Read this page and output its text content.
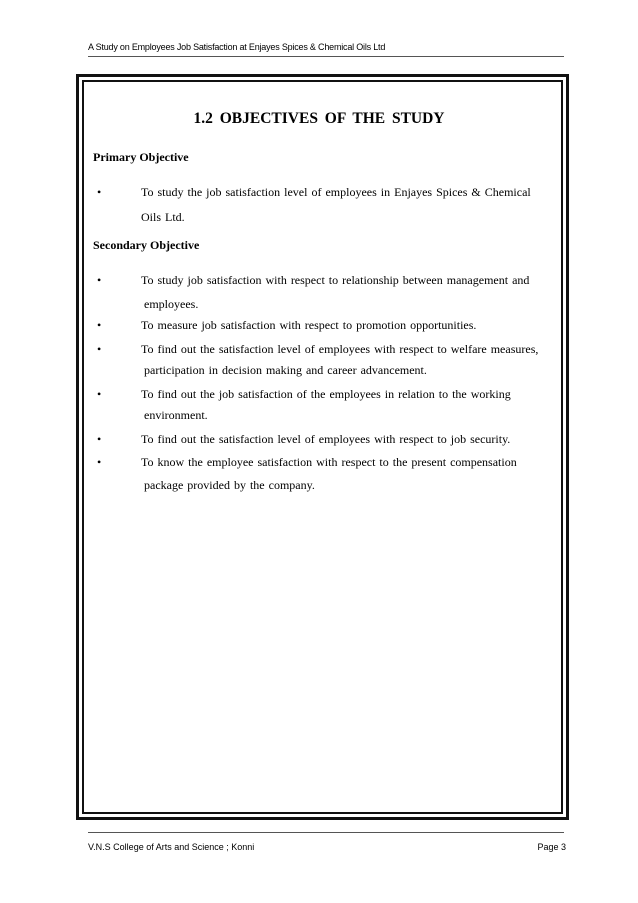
A Study on Employees Job Satisfaction at Enjayes Spices & Chemical Oils Ltd
1.2 OBJECTIVES OF THE STUDY
Primary Objective
•	To study the job satisfaction level of employees in Enjayes Spices & Chemical
Oils Ltd.
Secondary Objective
•	To study job satisfaction with respect to relationship between management and
employees.
•	To measure job satisfaction with respect to promotion opportunities.
•	To find out the satisfaction level of employees with respect to welfare measures,
participation in decision making and career advancement.
•	To find out the job satisfaction of the employees in relation to the working
environment.
•	To find out the satisfaction level of employees with respect to job security.
•	To know the employee satisfaction with respect to the present compensation
package provided by the company.
V.N.S College of Arts and Science ; Konni	Page 3
